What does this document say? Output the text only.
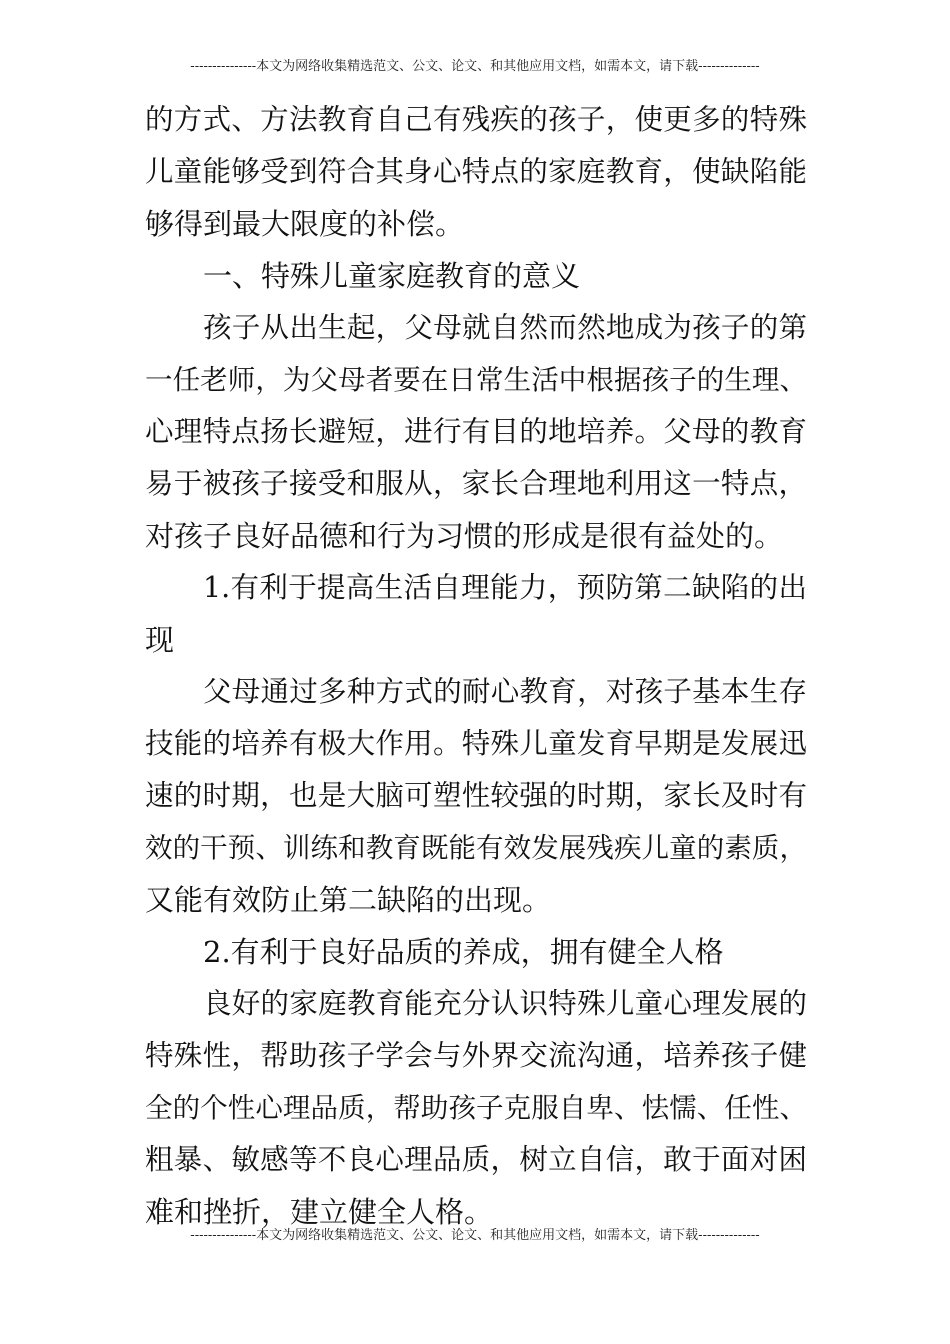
---------------本文为网络收集精选范文、公文、论文、和其他应用文档，如需本文，请下载--------------
的方式、方法教育自己有残疾的孩子，使更多的特殊
儿童能够受到符合其身心特点的家庭教育，使缺陷能
够得到最大限度的补偿。
一、特殊儿童家庭教育的意义
孩子从出生起，父母就自然而然地成为孩子的第
一任老师，为父母者要在日常生活中根据孩子的生理、
心理特点扬长避短，进行有目的地培养。父母的教育
易于被孩子接受和服从，家长合理地利用这一特点，
对孩子良好品德和行为习惯的形成是很有益处的。
1.有利于提高生活自理能力，预防第二缺陷的出
现
父母通过多种方式的耐心教育，对孩子基本生存
技能的培养有极大作用。特殊儿童发育早期是发展迅
速的时期，也是大脑可塑性较强的时期，家长及时有
效的干预、训练和教育既能有效发展残疾儿童的素质，
又能有效防止第二缺陷的出现。
2.有利于良好品质的养成，拥有健全人格
良好的家庭教育能充分认识特殊儿童心理发展的
特殊性，帮助孩子学会与外界交流沟通，培养孩子健
全的个性心理品质，帮助孩子克服自卑、怯懦、任性、
粗暴、敏感等不良心理品质，树立自信，敢于面对困
难和挫折，建立健全人格。
---------------本文为网络收集精选范文、公文、论文、和其他应用文档，如需本文，请下载--------------
